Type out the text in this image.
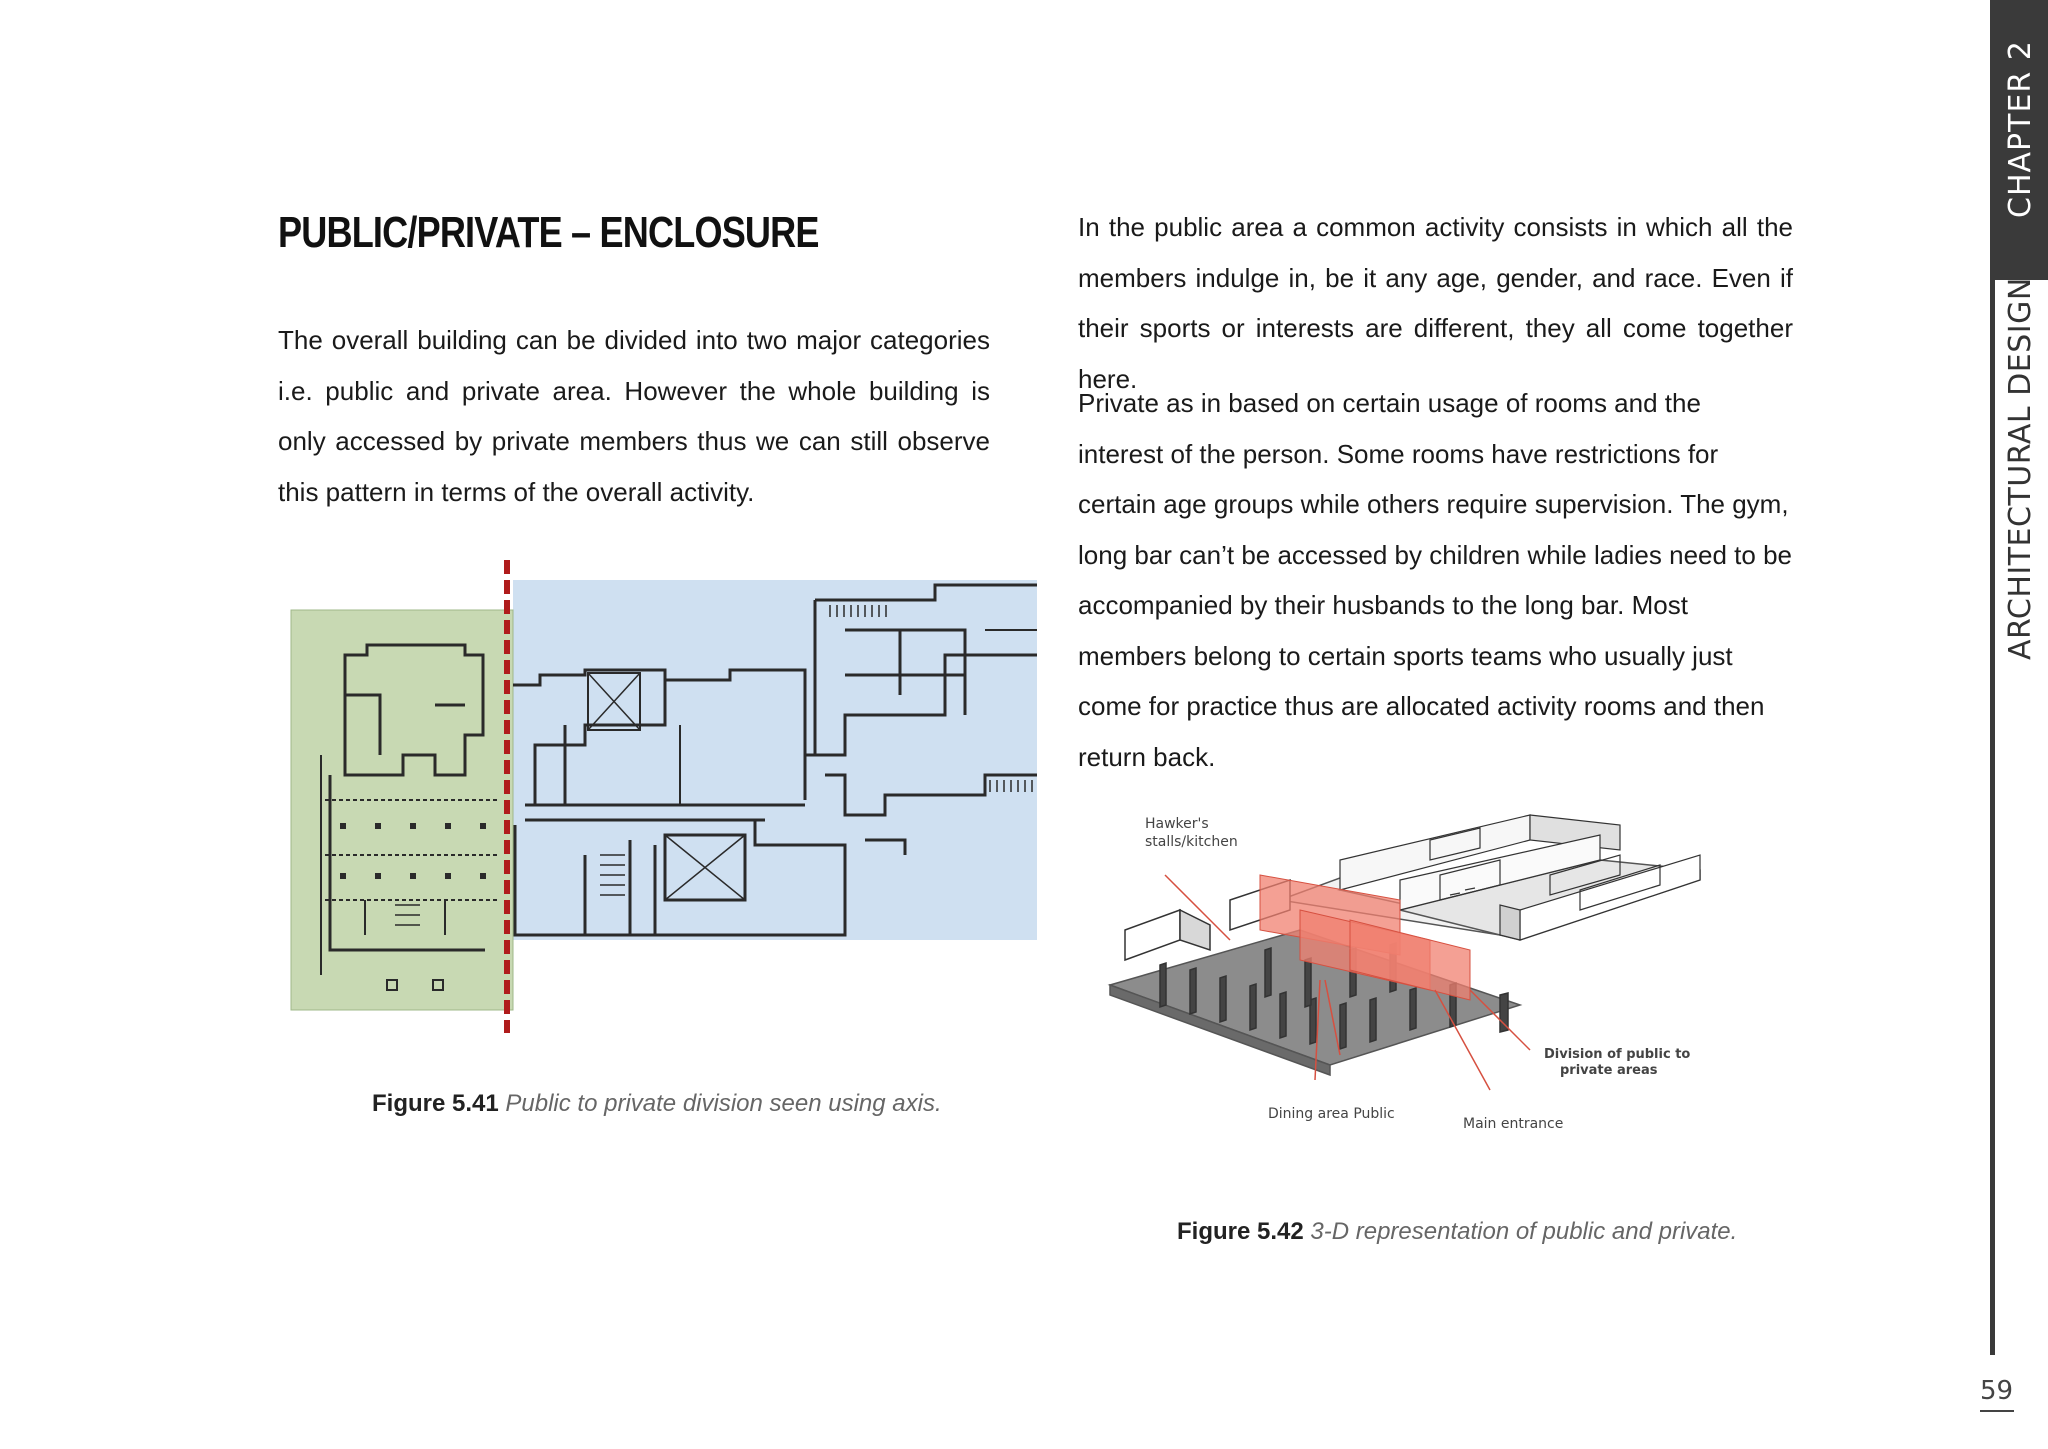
PUBLIC/PRIVATE – ENCLOSURE

The overall building can be divided into two major categories i.e. public and private area. However the whole building is only accessed by private members thus we can still observe this pattern in terms of the overall activity.

In the public area a common activity consists in which all the members indulge in, be it any age, gender, and race. Even if their sports or interests are different, they all come together here.

Private as in based on certain usage of rooms and the interest of the person. Some rooms have restrictions for certain age groups while others require supervision. The gym, long bar can’t be accessed by children while ladies need to be accompanied by their husbands to the long bar. Most members belong to certain sports teams who usually just come for practice thus are allocated activity rooms and then return back.

Figure 5.41 Public to private division seen using axis.
Hawker's
stalls/kitchen
Dining area Public
Main entrance
Division of public to
private areas
Figure 5.42 3-D representation of public and private.
CHAPTER 2
ARCHITECTURAL DESIGN
59
